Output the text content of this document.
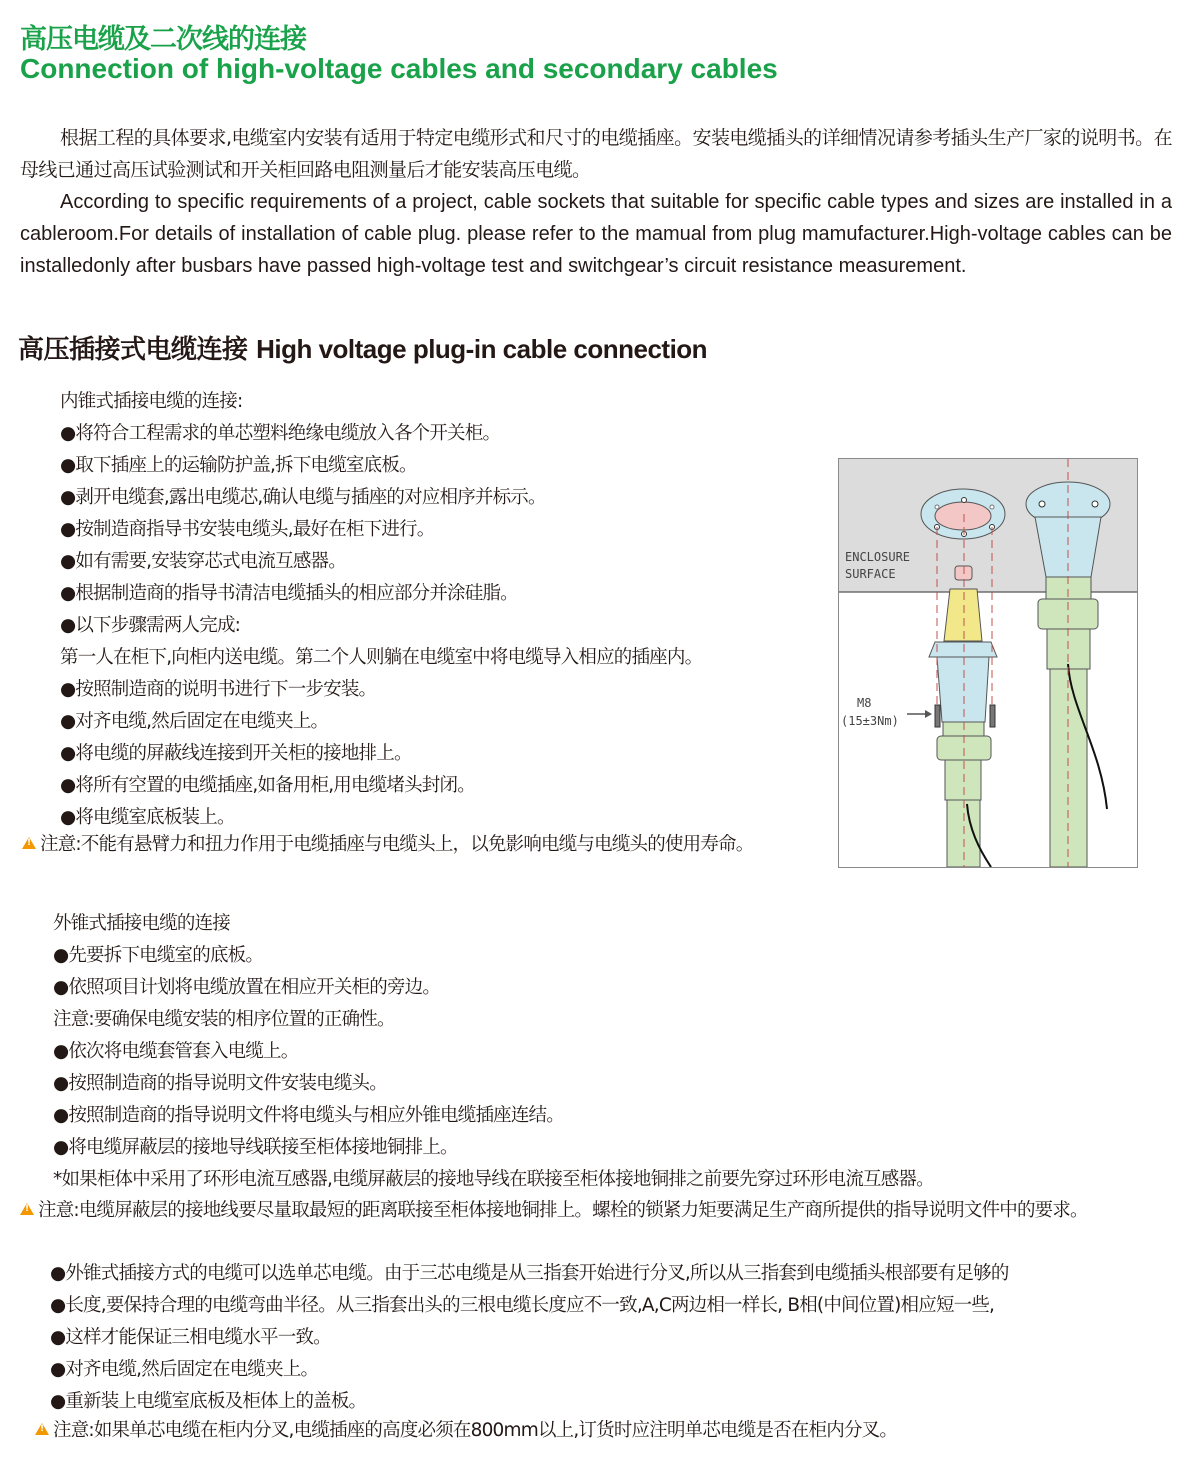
高压电缆及二次线的连接
Connection of high-voltage cables and secondary cables

根据工程的具体要求,电缆室内安装有适用于特定电缆形式和尺寸的电缆插座。安装电缆插头的详细情况请参考插头生产厂家的说明书。在母线已通过高压试验测试和开关柜回路电阻测量后才能安装高压电缆。

According to specific requirements of a project, cable sockets that suitable for specific cable types and sizes are installed in a cableroom.For details of installation of cable plug. please refer to the mamual from plug mamufacturer.High-voltage cables can be installedonly after busbars have passed high-voltage test and switchgear’s circuit resistance measurement.

高压插接式电缆连接 High voltage plug-in cable connection
内锥式插接电缆的连接:
●将符合工程需求的单芯塑料绝缘电缆放入各个开关柜。
●取下插座上的运输防护盖,拆下电缆室底板。
●剥开电缆套,露出电缆芯,确认电缆与插座的对应相序并标示。
●按制造商指导书安装电缆头,最好在柜下进行。
●如有需要,安装穿芯式电流互感器。
●根据制造商的指导书清洁电缆插头的相应部分并涂硅脂。
●以下步骤需两人完成:
第一人在柜下,向柜内送电缆。第二个人则躺在电缆室中将电缆导入相应的插座内。
●按照制造商的说明书进行下一步安装。
●对齐电缆,然后固定在电缆夹上。
●将电缆的屏蔽线连接到开关柜的接地排上。
●将所有空置的电缆插座,如备用柜,用电缆堵头封闭。
●将电缆室底板装上。
!注意:不能有悬臂力和扭力作用于电缆插座与电缆头上，以免影响电缆与电缆头的使用寿命。
ENCLOSURE
SURFACE
M8
(15±3Nm)
外锥式插接电缆的连接
●先要拆下电缆室的底板。
●依照项目计划将电缆放置在相应开关柜的旁边。
注意:要确保电缆安装的相序位置的正确性。
●依次将电缆套管套入电缆上。
●按照制造商的指导说明文件安装电缆头。
●按照制造商的指导说明文件将电缆头与相应外锥电缆插座连结。
●将电缆屏蔽层的接地导线联接至柜体接地铜排上。
*如果柜体中采用了环形电流互感器,电缆屏蔽层的接地导线在联接至柜体接地铜排之前要先穿过环形电流互感器。
!注意:电缆屏蔽层的接地线要尽量取最短的距离联接至柜体接地铜排上。螺栓的锁紧力矩要满足生产商所提供的指导说明文件中的要求。
●外锥式插接方式的电缆可以选单芯电缆。由于三芯电缆是从三指套开始进行分叉,所以从三指套到电缆插头根部要有足够的
●长度,要保持合理的电缆弯曲半径。从三指套出头的三根电缆长度应不一致,A,C两边相一样长, B相(中间位置)相应短一些,
●这样才能保证三相电缆水平一致。
●对齐电缆,然后固定在电缆夹上。
●重新装上电缆室底板及柜体上的盖板。
!注意:如果单芯电缆在柜内分叉,电缆插座的高度必须在800mm以上,订货时应注明单芯电缆是否在柜内分叉。
